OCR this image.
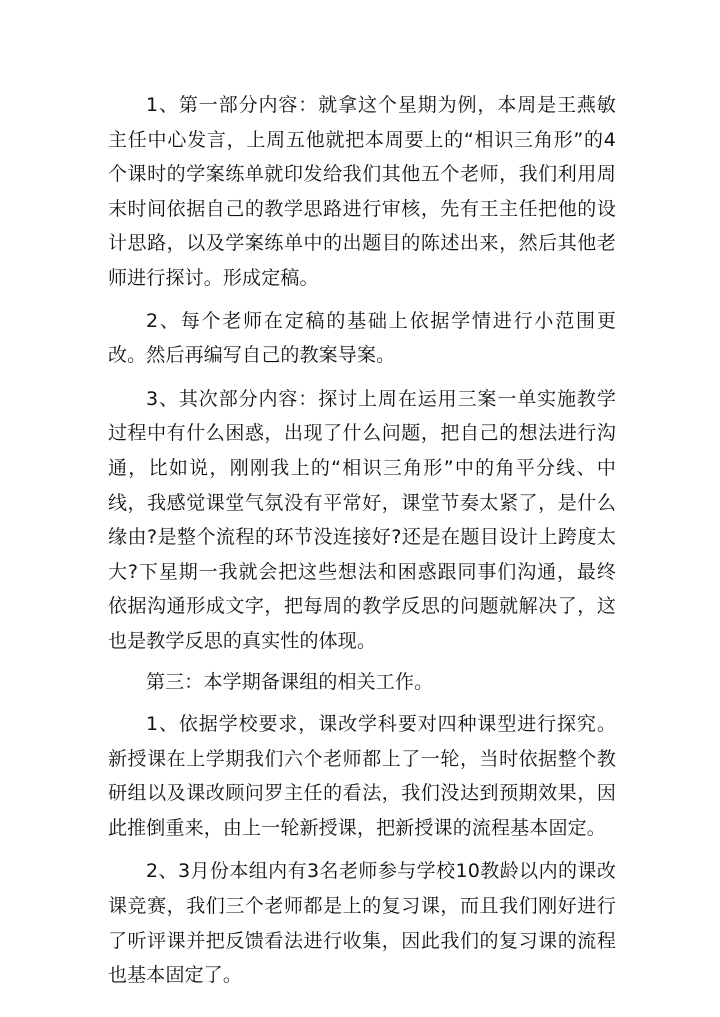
1、第一部分内容：就拿这个星期为例，本周是王燕敏主任中心发言，上周五他就把本周要上的“相识三角形”的4个课时的学案练单就印发给我们其他五个老师，我们利用周末时间依据自己的教学思路进行审核，先有王主任把他的设计思路，以及学案练单中的出题目的陈述出来，然后其他老师进行探讨。形成定稿。

2、每个老师在定稿的基础上依据学情进行小范围更改。然后再编写自己的教案导案。

3、其次部分内容：探讨上周在运用三案一单实施教学过程中有什么困惑，出现了什么问题，把自己的想法进行沟通，比如说，刚刚我上的“相识三角形”中的角平分线、中线，我感觉课堂气氛没有平常好，课堂节奏太紧了，是什么缘由?是整个流程的环节没连接好?还是在题目设计上跨度太大?下星期一我就会把这些想法和困惑跟同事们沟通，最终依据沟通形成文字，把每周的教学反思的问题就解决了，这也是教学反思的真实性的体现。

第三：本学期备课组的相关工作。

1、依据学校要求，课改学科要对四种课型进行探究。新授课在上学期我们六个老师都上了一轮，当时依据整个教研组以及课改顾问罗主任的看法，我们没达到预期效果，因此推倒重来，由上一轮新授课，把新授课的流程基本固定。

2、3月份本组内有3名老师参与学校10教龄以内的课改课竞赛，我们三个老师都是上的复习课，而且我们刚好进行了听评课并把反馈看法进行收集，因此我们的复习课的流程也基本固定了。
